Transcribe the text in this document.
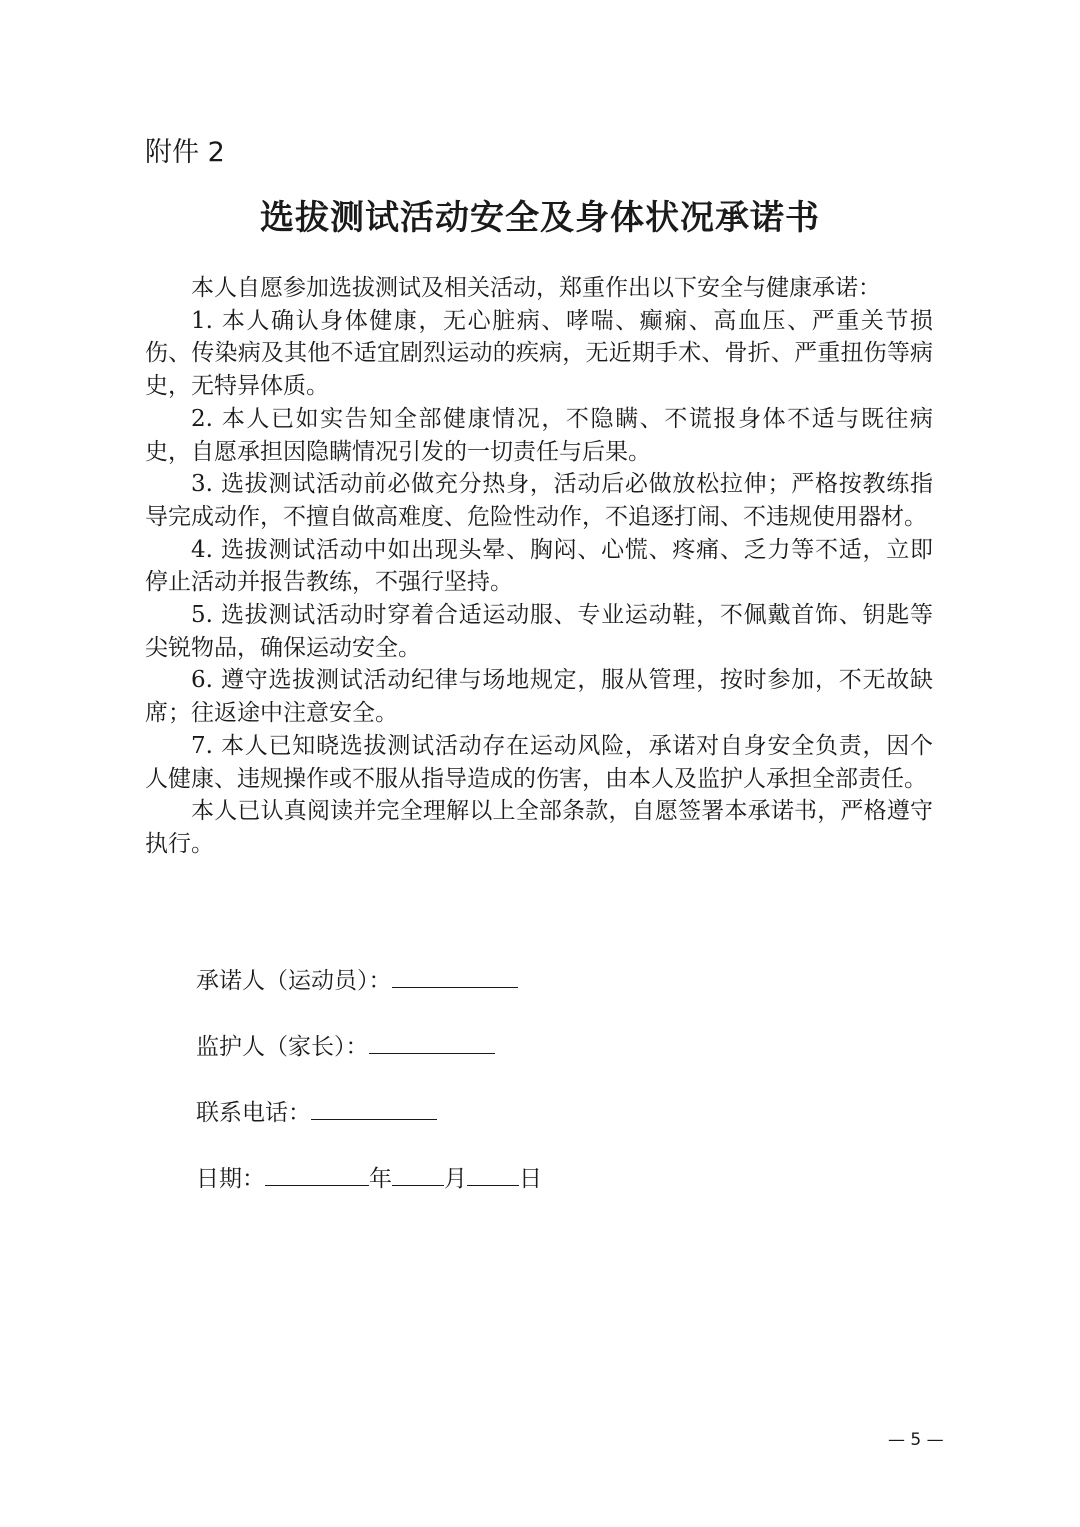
附件 2
选拔测试活动安全及身体状况承诺书

本人自愿参加选拔测试及相关活动，郑重作出以下安全与健康承诺：

1. 本人确认身体健康，无心脏病、哮喘、癫痫、高血压、严重关节损伤、传染病及其他不适宜剧烈运动的疾病，无近期手术、骨折、严重扭伤等病史，无特异体质。

2. 本人已如实告知全部健康情况，不隐瞒、不谎报身体不适与既往病史，自愿承担因隐瞒情况引发的一切责任与后果。

3. 选拔测试活动前必做充分热身，活动后必做放松拉伸；严格按教练指导完成动作，不擅自做高难度、危险性动作，不追逐打闹、不违规使用器材。

4. 选拔测试活动中如出现头晕、胸闷、心慌、疼痛、乏力等不适，立即停止活动并报告教练，不强行坚持。

5. 选拔测试活动时穿着合适运动服、专业运动鞋，不佩戴首饰、钥匙等尖锐物品，确保运动安全。

6. 遵守选拔测试活动纪律与场地规定，服从管理，按时参加，不无故缺席；往返途中注意安全。

7. 本人已知晓选拔测试活动存在运动风险，承诺对自身安全负责，因个人健康、违规操作或不服从指导造成的伤害，由本人及监护人承担全部责任。

本人已认真阅读并完全理解以上全部条款，自愿签署本承诺书，严格遵守执行。

承诺人（运动员）：
监护人（家长）：
联系电话：
日期：	年 月 日
— 5 —
